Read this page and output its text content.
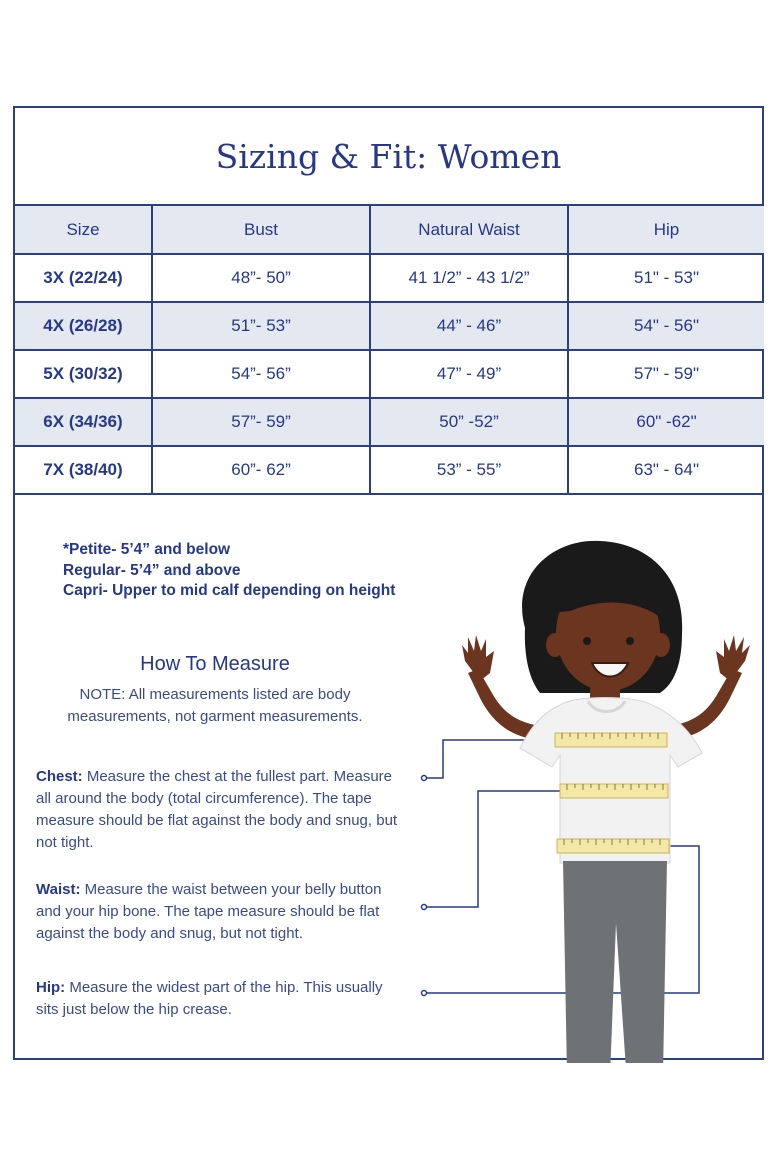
Sizing & Fit: Women
Size	Bust	Natural Waist	Hip
3X (22/24)	48”- 50”	41 1/2” - 43 1/2”	51" - 53"
4X (26/28)	51”- 53”	44” - 46”	54" - 56"
5X (30/32)	54”- 56”	47” - 49”	57" - 59"
6X (34/36)	57”- 59”	50” -52”	60" -62"
7X (38/40)	60”- 62”	53” - 55”	63" - 64"
*Petite- 5’4” and below
Regular- 5’4” and above
Capri- Upper to mid calf depending on height
How To Measure
NOTE: All measurements listed are body measurements, not garment measurements.
Chest: Measure the chest at the fullest part. Measure all around the body (total circumference). The tape measure should be flat against the body and snug, but not tight.
Waist: Measure the waist between your belly button and your hip bone. The tape measure should be flat against the body and snug, but not tight.
Hip: Measure the widest part of the hip. This usually sits just below the hip crease.
